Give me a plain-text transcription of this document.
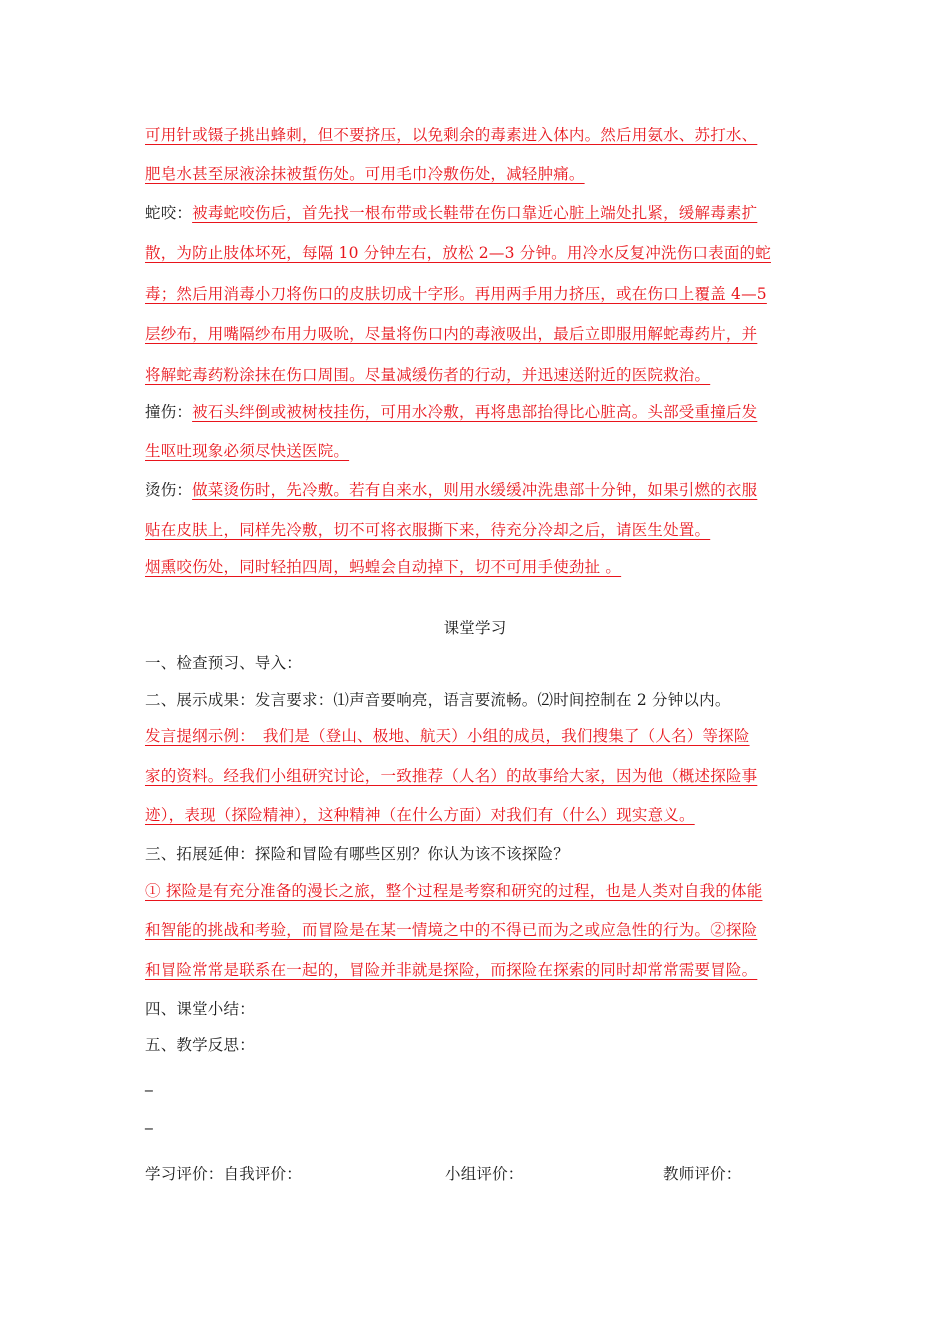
可用针或镊子挑出蜂刺，但不要挤压，以免剩余的毒素进入体内。然后用氨水、苏打水、
肥皂水甚至尿液涂抹被蜇伤处。可用毛巾冷敷伤处，减轻肿痛。
蛇咬：被毒蛇咬伤后，首先找一根布带或长鞋带在伤口靠近心脏上端处扎紧，缓解毒素扩
散，为防止肢体坏死，每隔 10 分钟左右，放松 2—3 分钟。用冷水反复冲洗伤口表面的蛇
毒；然后用消毒小刀将伤口的皮肤切成十字形。再用两手用力挤压，或在伤口上覆盖 4—5
层纱布，用嘴隔纱布用力吸吮，尽量将伤口内的毒液吸出，最后立即服用解蛇毒药片，并
将解蛇毒药粉涂抹在伤口周围。尽量减缓伤者的行动，并迅速送附近的医院救治。
撞伤：被石头绊倒或被树枝挂伤，可用水冷敷，再将患部抬得比心脏高。头部受重撞后发
生呕吐现象必须尽快送医院。
烫伤：做菜烫伤时，先冷敷。若有自来水，则用水缓缓冲洗患部十分钟，如果引燃的衣服
贴在皮肤上，同样先冷敷，切不可将衣服撕下来，待充分冷却之后，请医生处置。
烟熏咬伤处，同时轻拍四周，蚂蝗会自动掉下，切不可用手使劲扯 。
课堂学习
一、检查预习、导入：
二、展示成果：发言要求：⑴声音要响亮，语言要流畅。⑵时间控制在 2 分钟以内。
发言提纲示例：　我们是（登山、极地、航天）小组的成员，我们搜集了（人名）等探险
家的资料。经我们小组研究讨论，一致推荐（人名）的故事给大家，因为他（概述探险事
迹），表现（探险精神），这种精神（在什么方面）对我们有（什么）现实意义。
三、拓展延伸：探险和冒险有哪些区别？你认为该不该探险？
① 探险是有充分准备的漫长之旅，整个过程是考察和研究的过程，也是人类对自我的体能
和智能的挑战和考验，而冒险是在某一情境之中的不得已而为之或应急性的行为。②探险
和冒险常常是联系在一起的，冒险并非就是探险，而探险在探索的同时却常常需要冒险。
四、课堂小结：
五、教学反思：
_
_
学习评价：自我评价：	小组评价：	教师评价：
